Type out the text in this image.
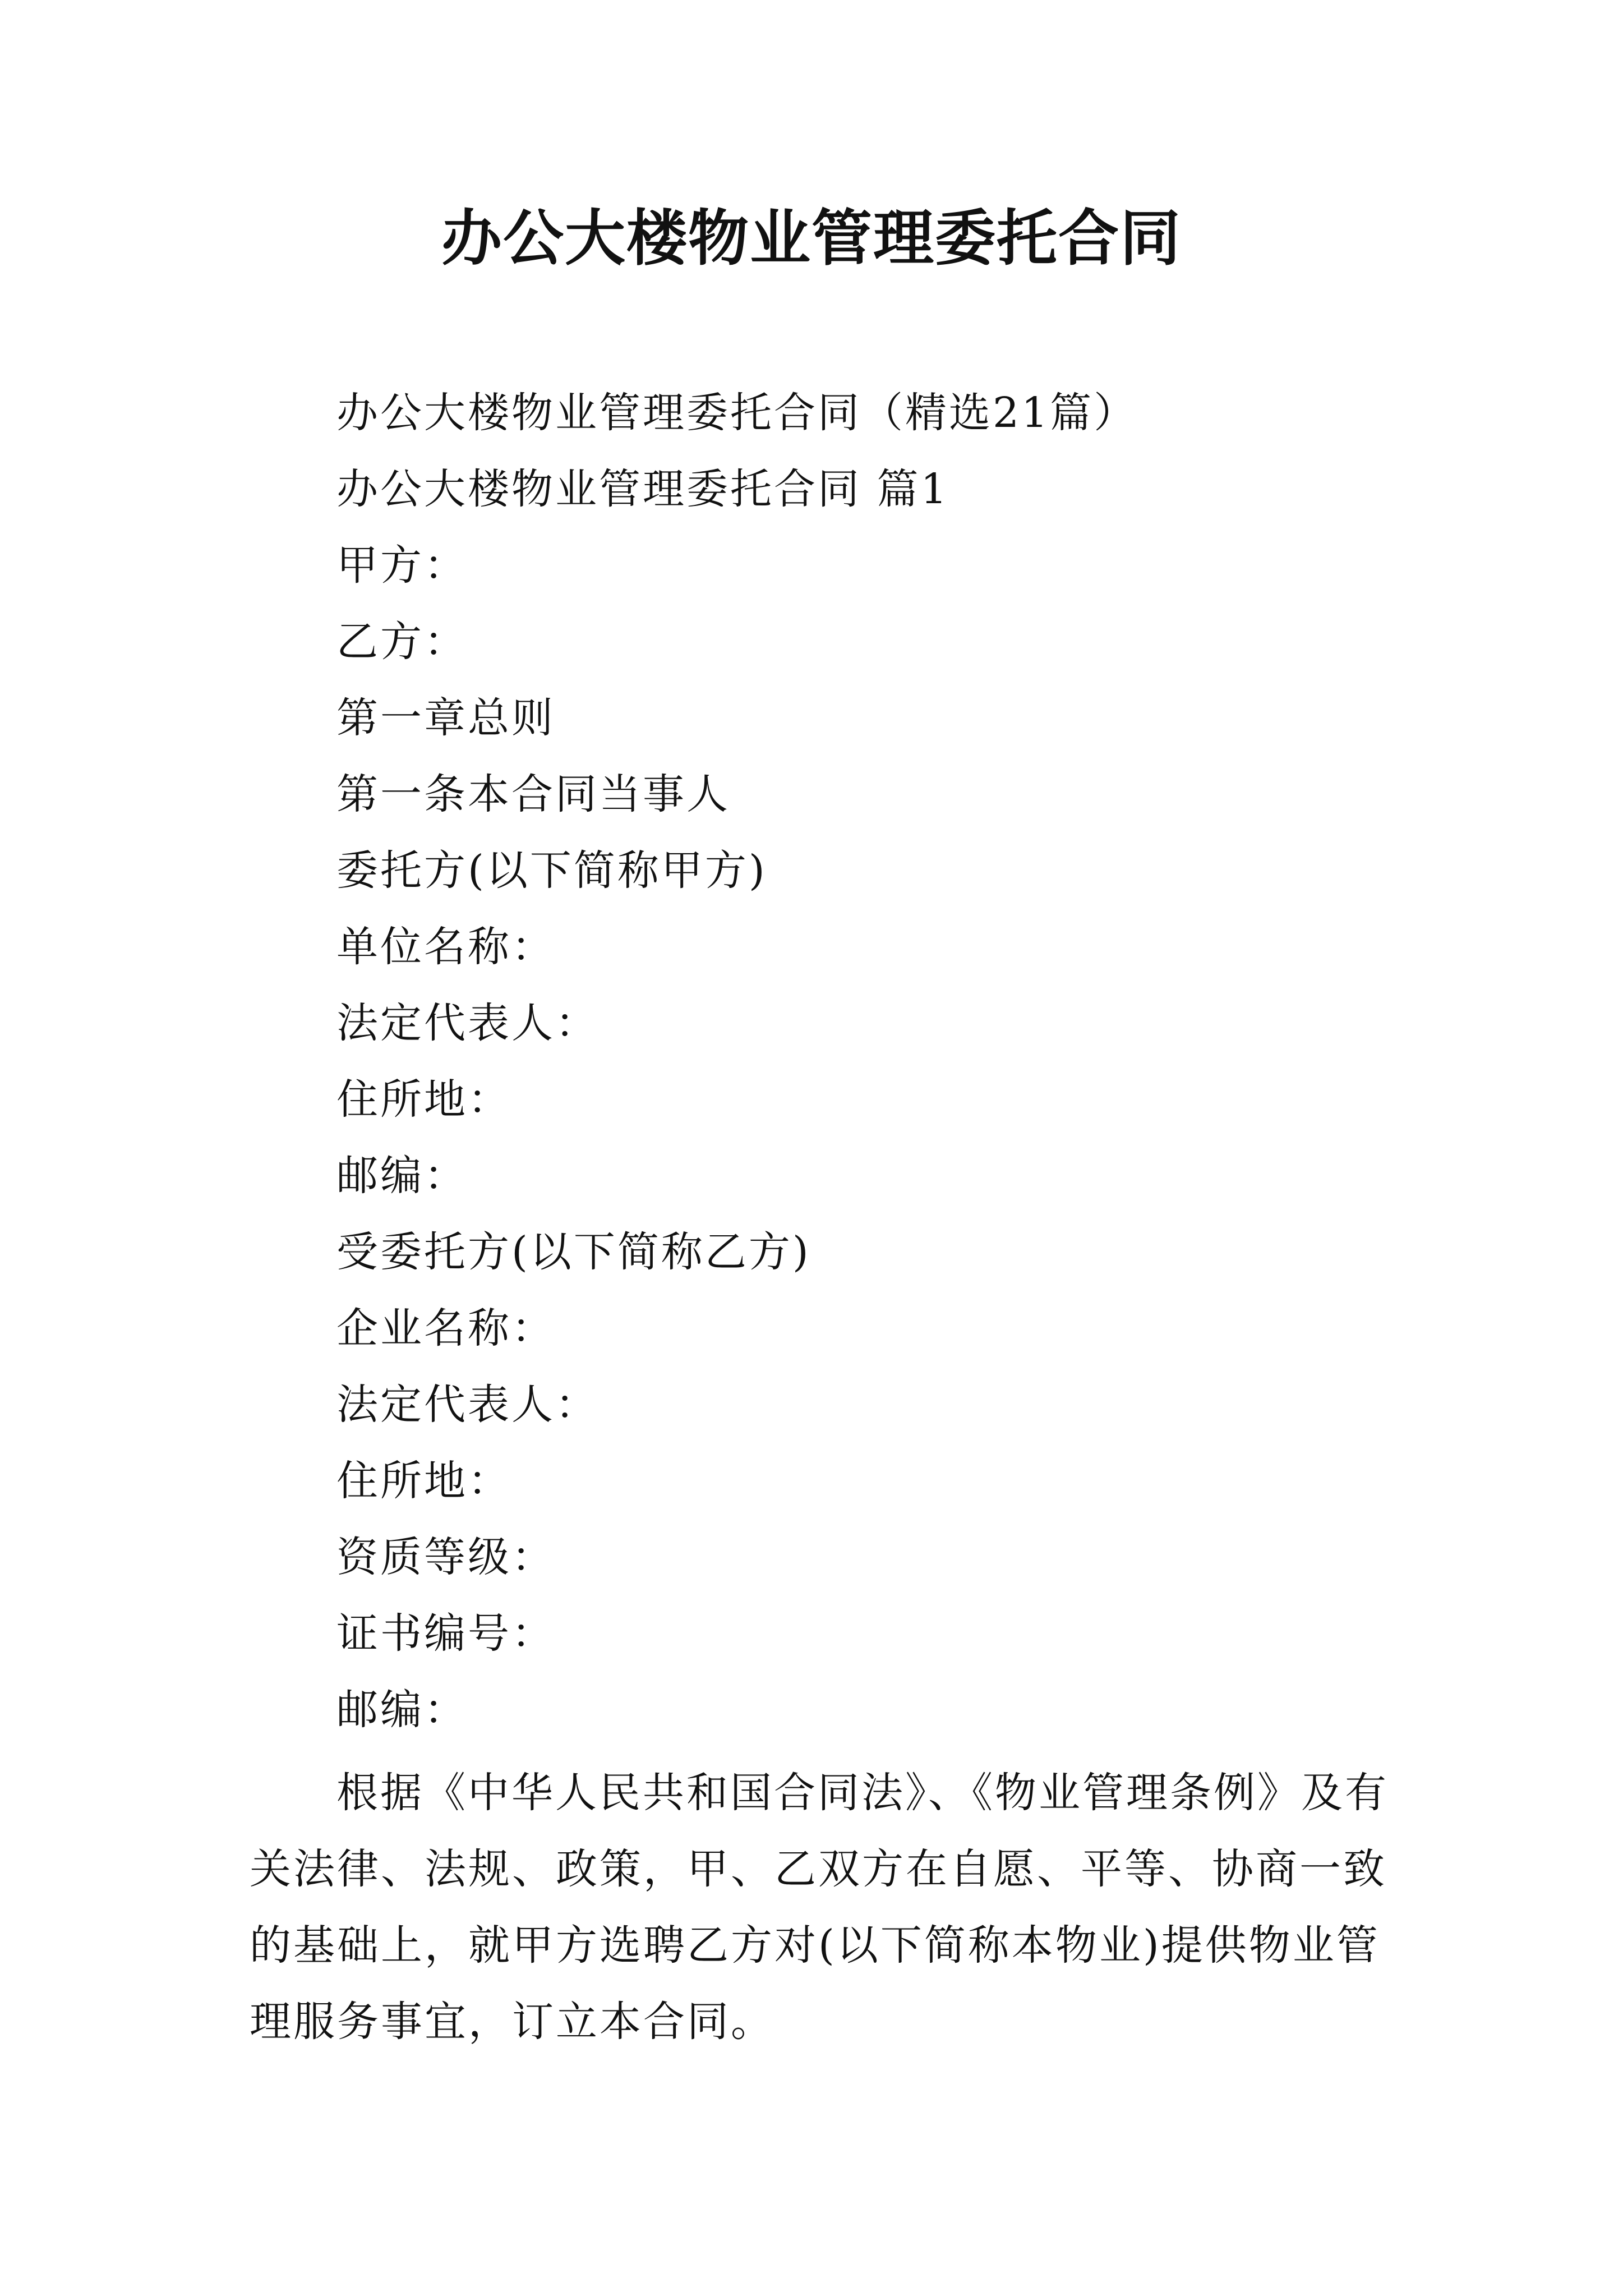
办公大楼物业管理委托合同
办公大楼物业管理委托合同（精选21篇）
办公大楼物业管理委托合同 篇1
甲方：
乙方：
第一章总则
第一条本合同当事人
委托方(以下简称甲方)
单位名称：
法定代表人：
住所地：
邮编：
受委托方(以下简称乙方)
企业名称：
法定代表人：
住所地：
资质等级：
证书编号：
邮编：
根据《中华人民共和国合同法》、《物业管理条例》及有
关法律、法规、政策，甲、乙双方在自愿、平等、协商一致
的基础上，就甲方选聘乙方对(以下简称本物业)提供物业管
理服务事宜，订立本合同。
